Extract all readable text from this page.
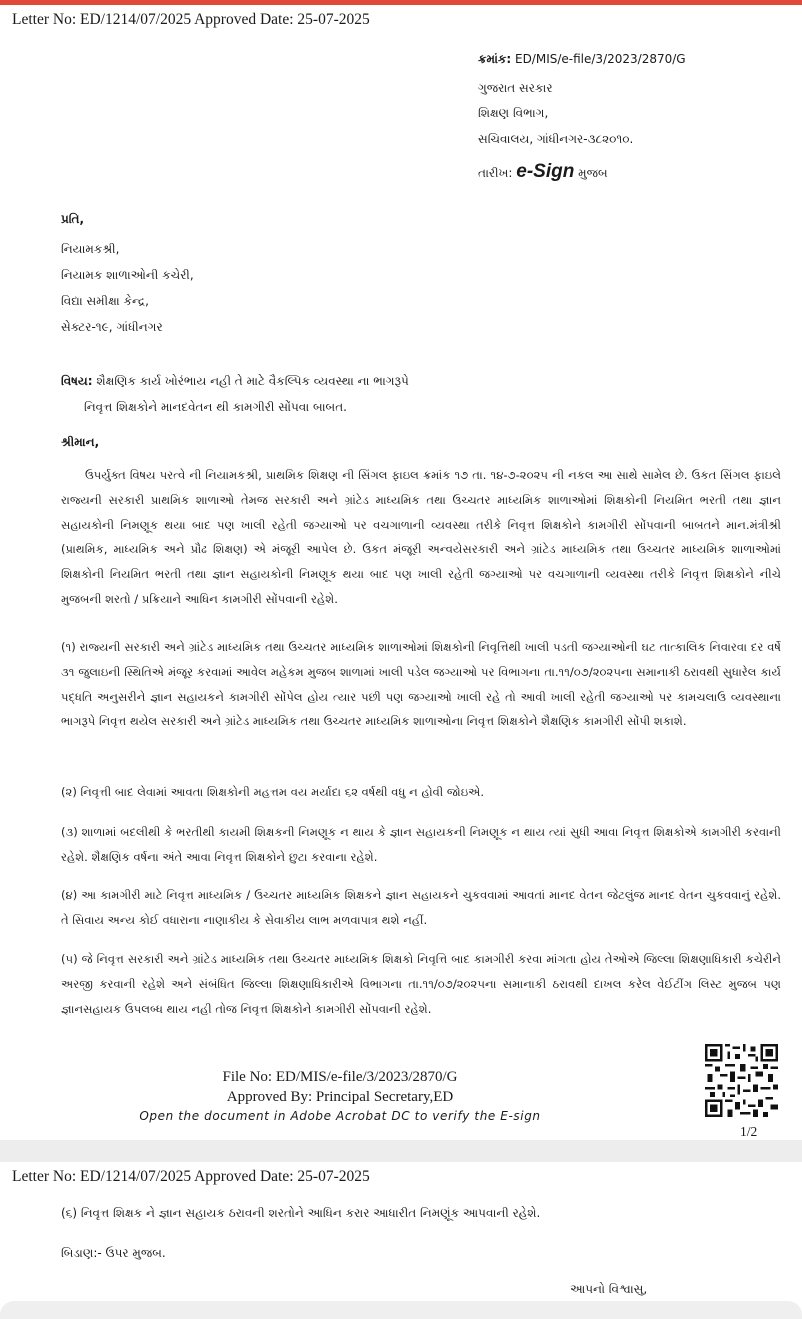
Letter No: ED/1214/07/2025 Approved Date: 25-07-2025
ક્રમાંક: ED/MIS/e-file/3/2023/2870/G
ગુજરાત સરકાર
શિક્ષણ વિભાગ,
સચિવાલય, ગાંધીનગર-૩૮૨૦૧૦.
તારીખ: e-Sign મુજબ
પ્રતિ,
નિયામકશ્રી,
નિયામક શાળાઓની કચેરી,
વિદ્યા સમીક્ષા કેન્દ્ર,
સેક્ટર-૧૯, ગાંધીનગર
વિષય: શૈક્ષણિક કાર્ય ખોરંભાય નહી તે માટે વૈકલ્પિક વ્યવસ્થા ના ભાગરૂપે
નિવૃત્ત શિક્ષકોને માનદવેતન થી કામગીરી સોંપવા બાબત.
શ્રીમાન,

ઉપર્યુક્ત વિષય પરત્વે ની નિયામકશ્રી, પ્રાથમિક શિક્ષણ ની સિંગલ ફાઇલ ક્રમાંક ૧૭ તા. ૧૪-૭-૨૦૨૫ ની નકલ આ સાથે સામેલ છે. ઉકત સિંગલ ફાઇલે રાજ્યની સરકારી પ્રાથમિક શાળાઓ તેમજ સરકારી અને ગ્રાંટેડ માધ્યમિક તથા ઉચ્ચતર માધ્યમિક શાળાઓમાં શિક્ષકોની નિયમિત ભરતી તથા જ્ઞાન સહાયકોની નિમણૂક થયા બાદ પણ ખાલી રહેતી જગ્યાઓ પર વચગાળાની વ્યવસ્થા તરીકે નિવૃત્ત શિક્ષકોને કામગીરી સોંપવાની બાબતને માન.મંત્રીશ્રી (પ્રાથમિક, માધ્યમિક અને પ્રૌઢ શિક્ષણ) એ મંજૂરી આપેલ છે. ઉકત મંજૂરી અન્વયેસરકારી અને ગ્રાંટેડ માધ્યમિક તથા ઉચ્ચતર માધ્યમિક શાળાઓમાં શિક્ષકોની નિયમિત ભરતી તથા જ્ઞાન સહાયકોની નિમણૂક થયા બાદ પણ ખાલી રહેતી જગ્યાઓ પર વચગાળાની વ્યવસ્થા તરીકે નિવૃત્ત શિક્ષકોને નીચે મુજબની શરતો / પ્રક્રિયાને આધિન કામગીરી સોંપવાની રહેશે.

(૧) રાજ્યની સરકારી અને ગ્રાંટેડ માધ્યમિક તથા ઉચ્ચતર માધ્યમિક શાળાઓમાં શિક્ષકોની નિવૃત્તિથી ખાલી પડતી જગ્યાઓની ઘટ તાત્કાલિક નિવારવા દર વર્ષે ૩૧ જુલાઇની સ્થિતિએ મંજૂર કરવામાં આવેલ મહેકમ મુજબ શાળામાં ખાલી પડેલ જગ્યાઓ પર વિભાગના તા.૧૧/૦૭/૨૦૨૫ના સમાનાકી ઠરાવથી સુધારેલ કાર્ય પદ્ધતિ અનુસરીને જ્ઞાન સહાયકને કામગીરી સોંપેલ હોય ત્યાર પછી પણ જગ્યાઓ ખાલી રહે તો આવી ખાલી રહેતી જગ્યાઓ પર કામચલાઉ વ્યવસ્થાના ભાગરૂપે નિવૃત્ત થયેલ સરકારી અને ગ્રાંટેડ માધ્યમિક તથા ઉચ્ચતર માધ્યમિક શાળાઓના નિવૃત્ત શિક્ષકોને શૈક્ષણિક કામગીરી સોંપી શકાશે.

(૨) નિવૃત્તી બાદ લેવામાં આવતા શિક્ષકોની મહત્તમ વય મર્યાદા ૬૨ વર્ષથી વધુ ન હોવી જોઇએ.

(૩) શાળામાં બદલીથી કે ભરતીથી કાયમી શિક્ષકની નિમણૂક ન થાય કે જ્ઞાન સહાયકની નિમણૂક ન થાય ત્યાં સુધી આવા નિવૃત્ત શિક્ષકોએ કામગીરી કરવાની રહેશે. શૈક્ષણિક વર્ષના અંતે આવા નિવૃત્ત શિક્ષકોને છુટા કરવાના રહેશે.

(૪) આ કામગીરી માટે નિવૃત્ત માધ્યમિક / ઉચ્ચતર માધ્યમિક શિક્ષકને જ્ઞાન સહાયકને ચુકવવામાં આવતાં માનદ વેતન જેટલુંજ માનદ વેતન ચુકવવાનું રહેશે. તે સિવાય અન્ય કોઈ વધારાના નાણાકીય કે સેવાકીય લાભ મળવાપાત્ર થશે નહીં.

(૫) જે નિવૃત્ત સરકારી અને ગ્રાંટેડ માધ્યમિક તથા ઉચ્ચતર માધ્યમિક શિક્ષકો નિવૃત્તિ બાદ કામગીરી કરવા માંગતા હોય તેઓએ જિલ્લા શિક્ષણાધિકારી કચેરીને અરજી કરવાની રહેશે અને સંબંધિત જિલ્લા શિક્ષણાધિકારીએ વિભાગના તા.૧૧/૦૭/૨૦૨૫ના સમાનાકી ઠરાવથી દાખલ કરેલ વેઈટીંગ લિસ્ટ મુજબ પણ જ્ઞાનસહાયક ઉપલબ્ધ થાય નહી તોજ નિવૃત્ત શિક્ષકોને કામગીરી સોંપવાની રહેશે.

File No: ED/MIS/e-file/3/2023/2870/G
Approved By: Principal Secretary,ED
Open the document in Adobe Acrobat DC to verify the E-sign
1/2
Letter No: ED/1214/07/2025 Approved Date: 25-07-2025
(૬) નિવૃત્ત શિક્ષક ને જ્ઞાન સહાયક ઠરાવની શરતોને આધિન કરાર આધારીત નિમણૂંક આપવાની રહેશે.
બિડાણ:- ઉપર મુજબ.
આપનો વિશ્વાસુ,
